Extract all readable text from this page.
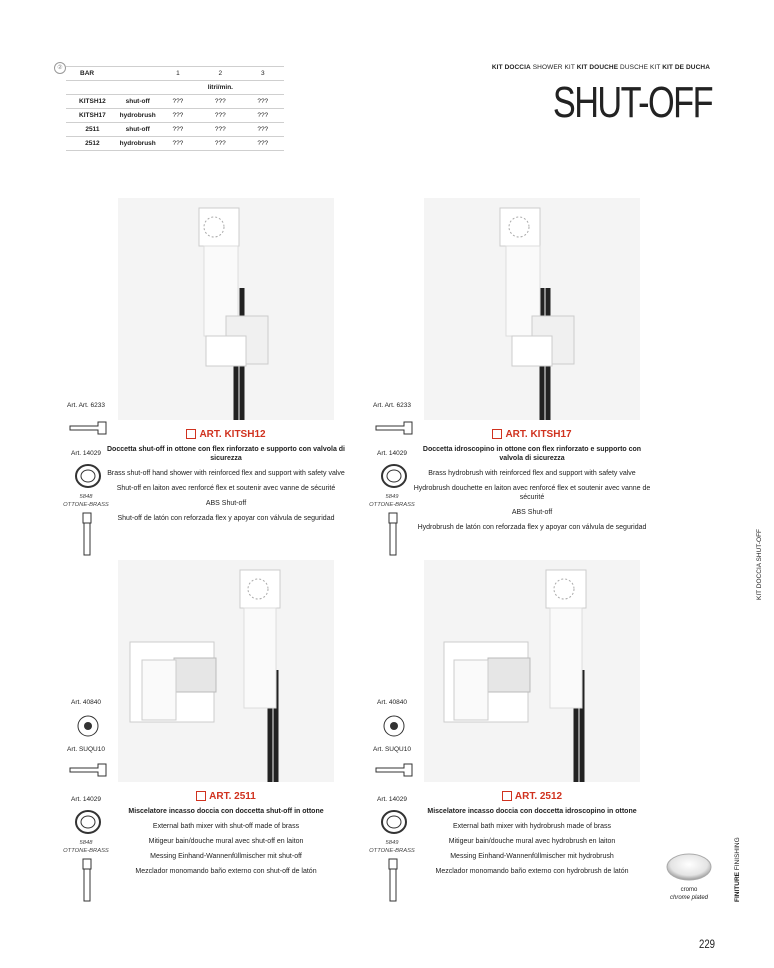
②
BAR		1	2	3
		litri/min.		
KITSH12	shut-off	???	???	???
KITSH17	hydrobrush	???	???	???
2511	shut-off	???	???	???
2512	hydrobrush	???	???	???
KIT DOCCIA SHOWER KIT KIT DOUCHE DUSCHE KIT KIT DE DUCHA
SHUT-OFF
Art. Art. 6233
Art. 14029
5848
OTTONE-BRASS
Art. Art. 6233
Art. 14029
5849
OTTONE-BRASS
Art. 40840
Art. SUQU10
Art. 14029
5848
OTTONE-BRASS
Art. 40840
Art. SUQU10
Art. 14029
5849
OTTONE-BRASS
ART. KITSH12
Doccetta shut-off in ottone con flex rinforzato e supporto con valvola di sicurezza

Brass shut-off hand shower with reinforced flex and support with safety valve

Shut-off en laiton avec renforcé flex et soutenir avec vanne de sécurité

ABS Shut-off

Shut-off de latón con reforzada flex y apoyar con válvula de seguridad

ART. KITSH17
Doccetta idroscopino in ottone con flex rinforzato e supporto con valvola di sicurezza

Brass hydrobrush with reinforced flex and support with safety valve

Hydrobrush douchette en laiton avec renforcé flex et soutenir avec vanne de sécurité

ABS Shut-off

Hydrobrush de latón con reforzada flex y apoyar con válvula de seguridad

ART. 2511
Miscelatore incasso doccia con doccetta shut-off in ottone

External bath mixer with shut-off made of brass

Mitigeur bain/douche mural avec shut-off en laiton

Messing Einhand-Wannenfüllmischer mit shut-off

Mezclador monomando baño externo con shut-off de latón

ART. 2512
Miscelatore incasso doccia con doccetta idroscopino in ottone

External bath mixer with hydrobrush made of brass

Mitigeur bain/douche mural avec hydrobrush en laiton

Messing Einhand-Wannenfüllmischer mit hydrobrush

Mezclador monomando baño externo con hydrobrush de latón

KIT DOCCIA SHUT-OFF
FINITURE FINISHING
cromo
chrome plated
229
